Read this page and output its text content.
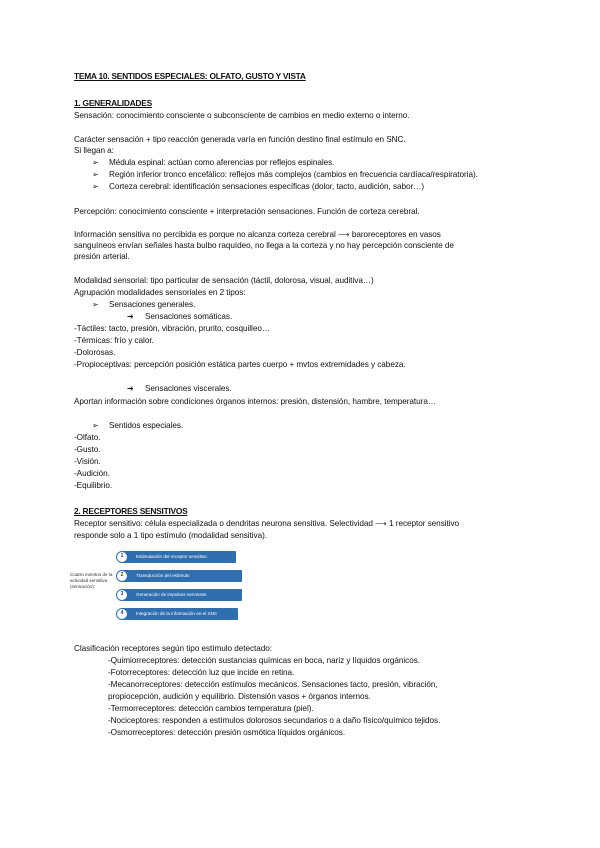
TEMA 10. SENTIDOS ESPECIALES: OLFATO, GUSTO Y VISTA
1. GENERALIDADES
Sensación: conocimiento consciente o subconsciente de cambios en medio externo o interno.
Carácter sensación + tipo reacción generada varía en función destino final estímulo en SNC.
Si llegan a:
➢ Médula espinal: actúan como aferencias por reflejos espinales.
➢ Región inferior tronco encefálico: reflejos más complejos (cambios en frecuencia cardíaca/respiratoria).
➢ Corteza cerebral: identificación sensaciones específicas (dolor, tacto, audición, sabor…)
Percepción: conocimiento consciente + interpretación sensaciones. Función de corteza cerebral.
Información sensitiva no percibida es porque no alcanza corteza cerebral ⟶ baroreceptores en vasos
sanguíneos envían señales hasta bulbo raquídeo, no llega a la corteza y no hay percepción consciente de
presión arterial.
Modalidad sensorial: tipo particular de sensación (táctil, dolorosa, visual, auditiva…)
Agrupación modalidades sensoriales en 2 tipos:
➢ Sensaciones generales.
➔ Sensaciones somáticas.
-Táctiles: tacto, presión, vibración, prurito, cosquilleo…
-Térmicas: frío y calor.
-Dolorosas.
-Propioceptivas: percepción posición estática partes cuerpo + mvtos extremidades y cabeza.
➔ Sensaciones viscerales.
Aportan información sobre condiciones órganos internos: presión, distensión, hambre, temperatura…
➢ Sentidos especiales.
-Olfato.
-Gusto.
-Visión.
-Audición.
-Equilibrio.
2. RECEPTORES SENSITIVOS
Receptor sensitivo: célula especializada o dendritas neurona sensitiva. Selectividad ⟶ 1 receptor sensitivo
responde solo a 1 tipo estímulo (modalidad sensitiva).
Cuatro eventos de la actividad sensitiva (sensación):
Estimulación del receptor sensitivo
1
Transducción del estímulo
2
Generación de impulsos nerviosos
3
Integración de la información en el SNC
4
Clasificación receptores según tipo estímulo detectado:
-Quimiorreceptores: detección sustancias químicas en boca, nariz y líquidos orgánicos.
-Fotorreceptores: detección luz que incide en retina.
-Mecanorreceptores: detección estímulos mecánicos. Sensaciones tacto, presión, vibración,
propiocepción, audición y equilibrio. Distensión vasos + órganos internos.
-Termorreceptores: detección cambios temperatura (piel).
-Nociceptores: responden a estímulos dolorosos secundarios o a daño físico/químico tejidos.
-Osmorreceptores: detección presión osmótica líquidos orgánicos.
